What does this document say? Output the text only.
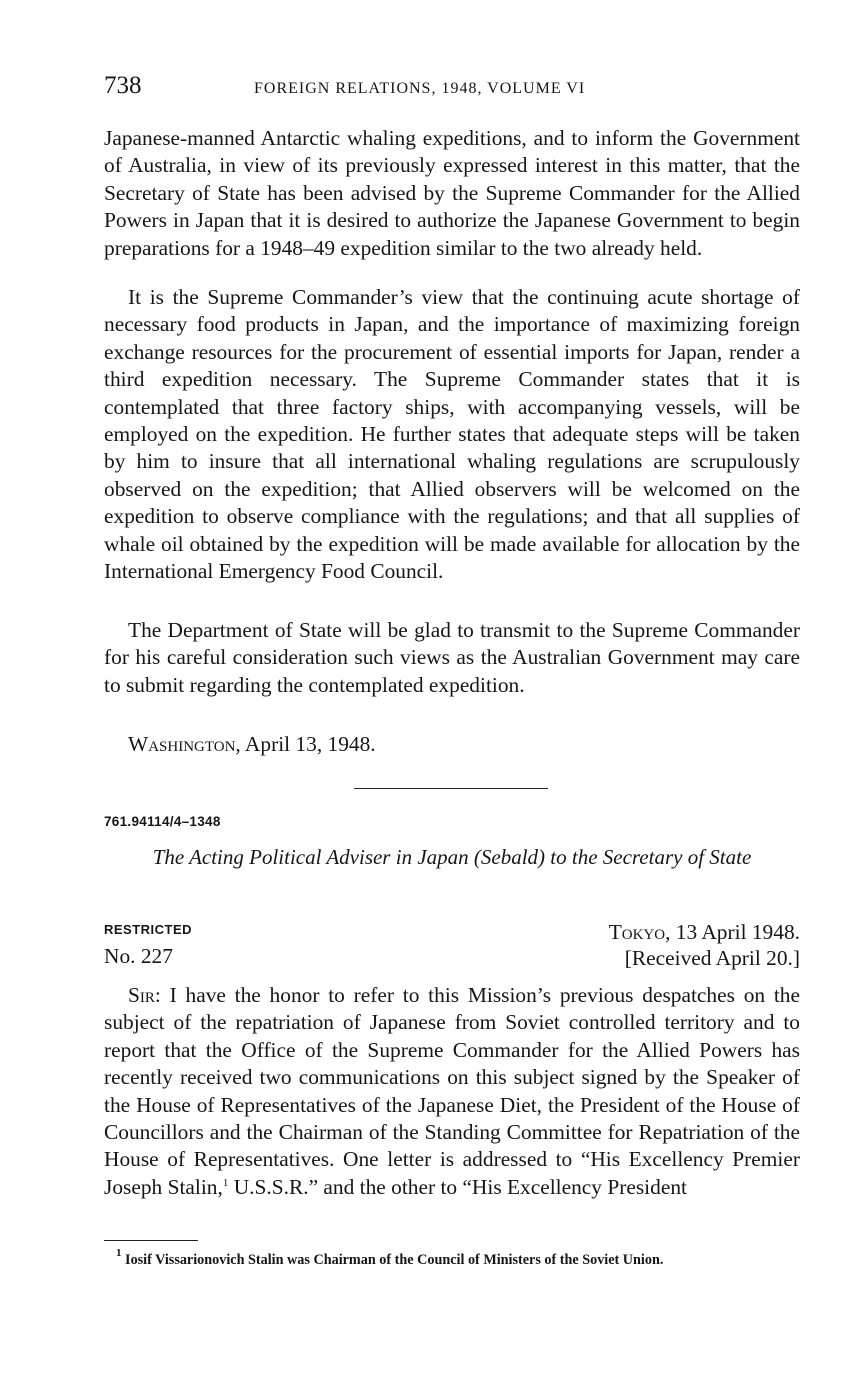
738	FOREIGN RELATIONS, 1948, VOLUME VI

Japanese-manned Antarctic whaling expeditions, and to inform the Government of Australia, in view of its previously expressed interest in this matter, that the Secretary of State has been advised by the Supreme Commander for the Allied Powers in Japan that it is desired to authorize the Japanese Government to begin preparations for a 1948–49 expedition similar to the two already held.

It is the Supreme Commander’s view that the continuing acute shortage of necessary food products in Japan, and the importance of maximizing foreign exchange resources for the procurement of essential imports for Japan, render a third expedition necessary. The Supreme Commander states that it is contemplated that three factory ships, with accompanying vessels, will be employed on the expedition. He further states that adequate steps will be taken by him to insure that all international whaling regulations are scrupulously observed on the expedition; that Allied observers will be welcomed on the expedition to observe compliance with the regulations; and that all supplies of whale oil obtained by the expedition will be made available for allocation by the International Emergency Food Council.

The Department of State will be glad to transmit to the Supreme Commander for his careful consideration such views as the Australian Government may care to submit regarding the contemplated expedition.

Washington, April 13, 1948.
761.94114/4–1348
The Acting Political Adviser in Japan (Sebald) to the Secretary of State
RESTRICTED
No. 227
Tokyo, 13 April 1948.
[Received April 20.]

Sir: I have the honor to refer to this Mission’s previous despatches on the subject of the repatriation of Japanese from Soviet controlled territory and to report that the Office of the Supreme Commander for the Allied Powers has recently received two communications on this subject signed by the Speaker of the House of Representatives of the Japanese Diet, the President of the House of Councillors and the Chairman of the Standing Committee for Repatriation of the House of Representatives. One letter is addressed to “His Excellency Premier Joseph Stalin,$^1$ U.S.S.R.” and the other to “His Excellency President

$^1$ Iosif Vissarionovich Stalin was Chairman of the Council of Ministers of the Soviet Union.
